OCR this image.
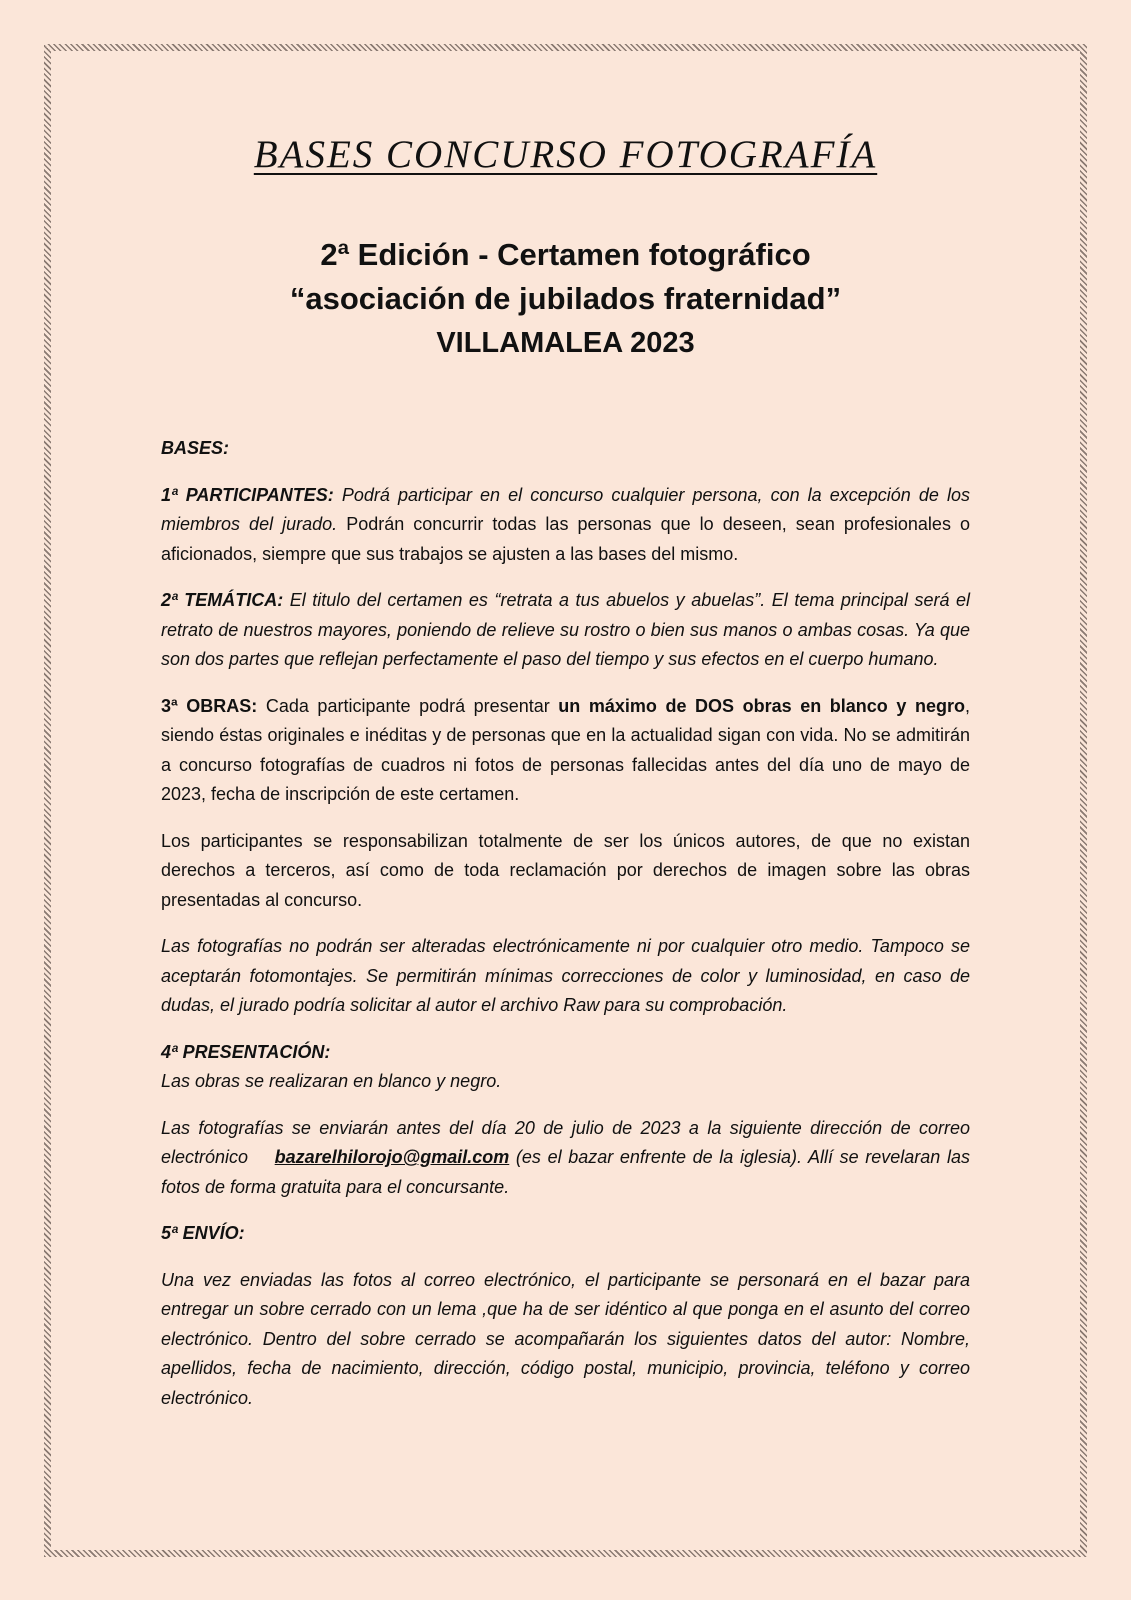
BASES CONCURSO FOTOGRAFÍA
2ª Edición - Certamen fotográfico
“asociación de jubilados fraternidad”
VILLAMALEA 2023

BASES:

1ª PARTICIPANTES: Podrá participar en el concurso cualquier persona, con la excepción de los miembros del jurado. Podrán concurrir todas las personas que lo deseen, sean profesionales o aficionados, siempre que sus trabajos se ajusten a las bases del mismo.

2ª TEMÁTICA: El titulo del certamen es “retrata a tus abuelos y abuelas”. El tema principal será el retrato de nuestros mayores, poniendo de relieve su rostro o bien sus manos o ambas cosas. Ya que son dos partes que reflejan perfectamente el paso del tiempo y sus efectos en el cuerpo humano.

3ª OBRAS: Cada participante podrá presentar un máximo de DOS obras en blanco y negro, siendo éstas originales e inéditas y de personas que en la actualidad sigan con vida. No se admitirán a concurso fotografías de cuadros ni fotos de personas fallecidas antes del día uno de mayo de 2023, fecha de inscripción de este certamen.

Los participantes se responsabilizan totalmente de ser los únicos autores, de que no existan derechos a terceros, así como de toda reclamación por derechos de imagen sobre las obras presentadas al concurso.

Las fotografías no podrán ser alteradas electrónicamente ni por cualquier otro medio. Tampoco se aceptarán fotomontajes. Se permitirán mínimas correcciones de color y luminosidad, en caso de dudas, el jurado podría solicitar al autor el archivo Raw para su comprobación.

4ª PRESENTACIÓN:

Las obras se realizaran en blanco y negro.

Las fotografías se enviarán antes del día 20 de julio de 2023 a la siguiente dirección de correo electrónico    bazarelhilorojo@gmail.com (es el bazar enfrente de la iglesia). Allí se revelaran las fotos de forma gratuita para el concursante.

5ª ENVÍO:

Una vez enviadas las fotos al correo electrónico, el participante se personará en el bazar para entregar un sobre cerrado con un lema ,que ha de ser idéntico al que ponga en el asunto del correo electrónico. Dentro del sobre cerrado se acompañarán los siguientes datos del autor: Nombre, apellidos, fecha de nacimiento, dirección, código postal, municipio, provincia, teléfono y correo electrónico.
